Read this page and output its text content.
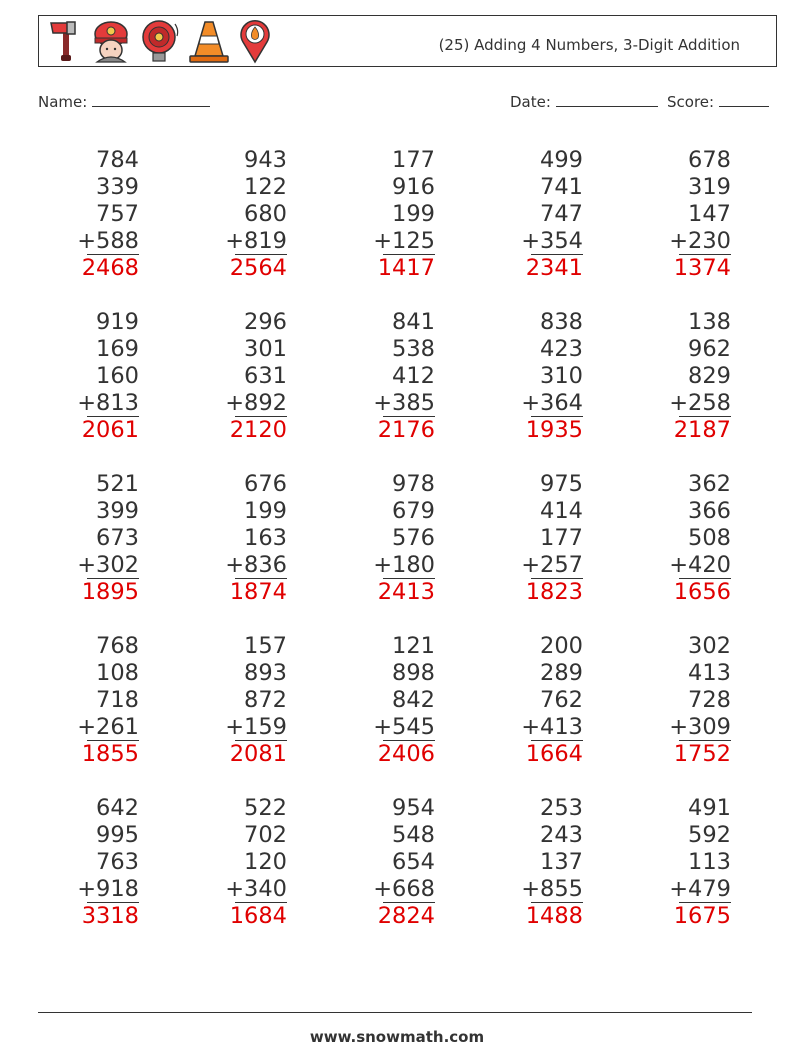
(25) Adding 4 Numbers, 3-Digit Addition
Name:	Date:	Score:
784
339
757
+588
2468
943
122
680
+819
2564
177
916
199
+125
1417
499
741
747
+354
2341
678
319
147
+230
1374
919
169
160
+813
2061
296
301
631
+892
2120
841
538
412
+385
2176
838
423
310
+364
1935
138
962
829
+258
2187
521
399
673
+302
1895
676
199
163
+836
1874
978
679
576
+180
2413
975
414
177
+257
1823
362
366
508
+420
1656
768
108
718
+261
1855
157
893
872
+159
2081
121
898
842
+545
2406
200
289
762
+413
1664
302
413
728
+309
1752
642
995
763
+918
3318
522
702
120
+340
1684
954
548
654
+668
2824
253
243
137
+855
1488
491
592
113
+479
1675
www.snowmath.com
